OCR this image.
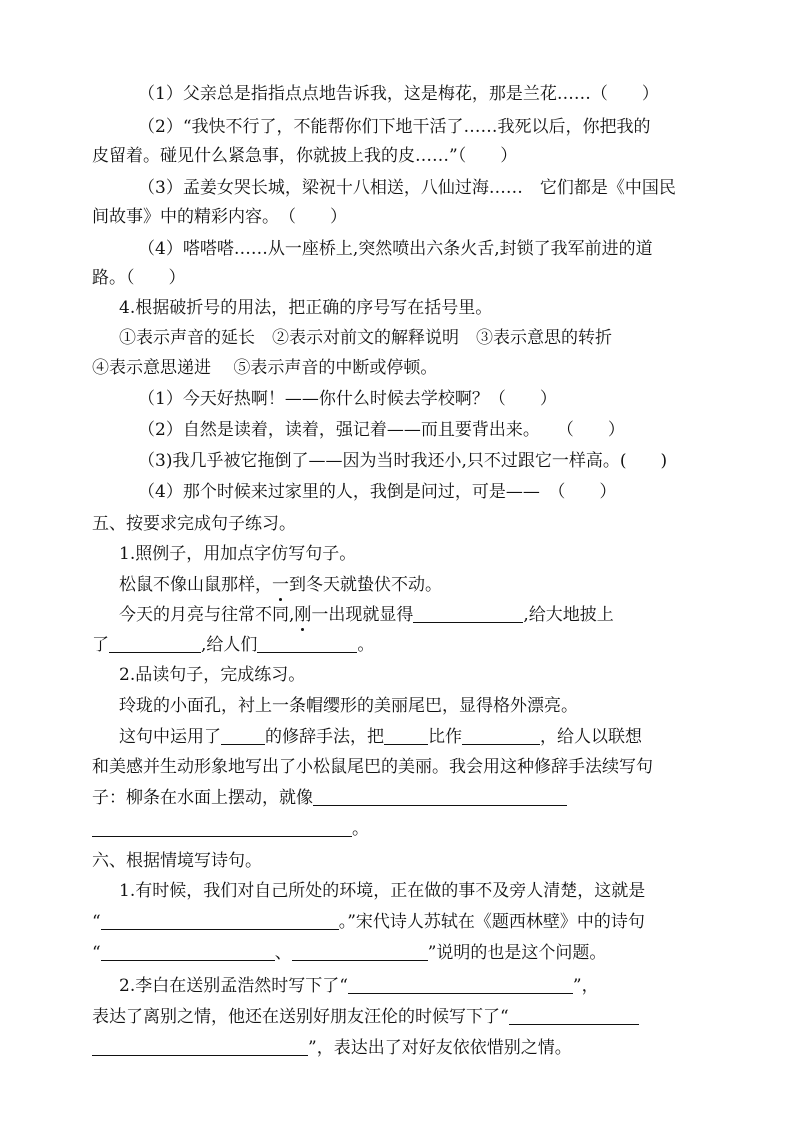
（1）父亲总是指指点点地告诉我，这是梅花，那是兰花……（　　）
（2）“我快不行了，不能帮你们下地干活了……我死以后，你把我的
皮留着。碰见什么紧急事，你就披上我的皮……”（　　）
（3）孟姜女哭长城，梁祝十八相送，八仙过海……　它们都是《中国民
间故事》中的精彩内容。　（　　）
（4）嗒嗒嗒……从一座桥上,突然喷出六条火舌,封锁了我军前进的道
路。（　　）
4.根据破折号的用法，把正确的序号写在括号里。
①表示声音的延长　②表示对前文的解释说明　③表示意思的转折
④表示意思递进　 ⑤表示声音的中断或停顿。
（1）今天好热啊！——你什么时候去学校啊？（　　）
（2）自然是读着，读着，强记着——而且要背出来。　　（　　）
（3)我几乎被它拖倒了——因为当时我还小,只不过跟它一样高。(　　)
（4）那个时候来过家里的人，我倒是问过，可是——　（　　）
五、按要求完成句子练习。
1.照例子，用加点字仿写句子。
松鼠不像山鼠那样，一到冬天就蛰伏不动。
今天的月亮与往常不同,刚一出现就显得	,给大地披上
了	,给人们	。
2.品读句子，完成练习。
玲珑的小面孔，衬上一条帽缨形的美丽尾巴，显得格外漂亮。
这句中运用了	的修辞手法，把	比作	，给人以联想
和美感并生动形象地写出了小松鼠尾巴的美丽。我会用这种修辞手法续写句
子：柳条在水面上摆动，就像
。
六、根据情境写诗句。
1.有时候，我们对自己所处的环境，正在做的事不及旁人清楚，这就是
“	。”宋代诗人苏轼在《题西林壁》中的诗句
“	、	”说明的也是这个问题。
2.李白在送别孟浩然时写下了“	”，
表达了离别之情，他还在送别好朋友汪伦的时候写下了“
”，表达出了对好友依依惜别之情。
